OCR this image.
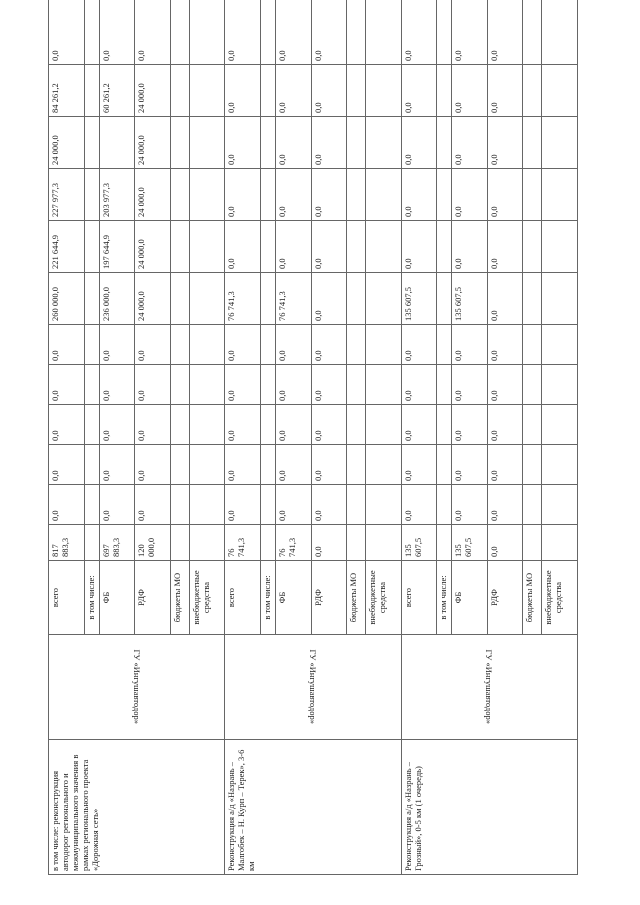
в том числе: реконструкция автодорог регионального и межмуниципального значения в рамках регионального проекта «Дорожная сеть»	ГУ «Ингушавтодор»	всего	817 883,3	0,0	0,0	0,0	0,0	0,0	260 000,0	221 644,9	227 977,3	24 000,0	84 261,2	0,0
		в том числе:												
		ФБ	697 883,3	0,0	0,0	0,0	0,0	0,0	236 000,0	197 644,9	203 977,3		60 261,2	0,0
		РДФ	120 000,0	0,0	0,0	0,0	0,0	0,0	24 000,0	24 000,0	24 000,0	24 000,0	24 000,0	0,0
		бюджеты МО												
		внебюджетные средства												
Реконструкция а/д «Назрань – Малгобек – Н. Курп – Терек», 3-6 км	ГУ «Ингушавтодор»	всего	76 741,3	0,0	0,0	0,0	0,0	0,0	76 741,3	0,0	0,0	0,0	0,0	0,0
		в том числе:												
		ФБ	76 741,3	0,0	0,0	0,0	0,0	0,0	76 741,3	0,0	0,0	0,0	0,0	0,0
		РДФ	0,0	0,0	0,0	0,0	0,0	0,0	0,0	0,0	0,0	0,0	0,0	0,0
		бюджеты МО												
		внебюджетные средства												
Реконструкция а/д «Назрань – Грозный», 0-5 км (1 очередь)	ГУ «Ингушавтодор»	всего	135 607,5	0,0	0,0	0,0	0,0	0,0	135 607,5	0,0	0,0	0,0	0,0	0,0
		в том числе:												
		ФБ	135 607,5	0,0	0,0	0,0	0,0	0,0	135 607,5	0,0	0,0	0,0	0,0	0,0
		РДФ	0,0	0,0	0,0	0,0	0,0	0,0	0,0	0,0	0,0	0,0	0,0	0,0
		бюджеты МО												
		внебюджетные средства												
